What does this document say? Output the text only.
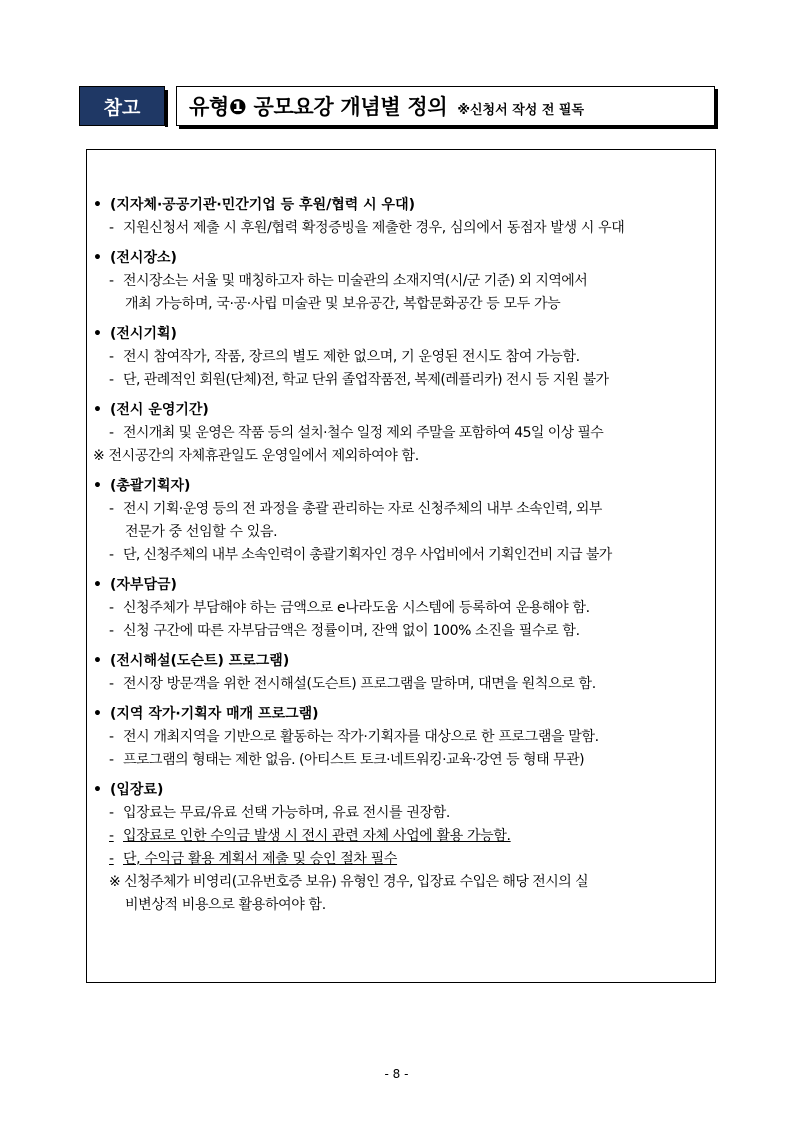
참고	유형❶ 공모요강 개념별 정의 ※신청서 작성 전 필독
• (지자체·공공기관·민간기업 등 후원/협력 시 우대)
- 지원신청서 제출 시 후원/협력 확정증빙을 제출한 경우, 심의에서 동점자 발생 시 우대
• (전시장소)
- 전시장소는 서울 및 매칭하고자 하는 미술관의 소재지역(시/군 기준) 외 지역에서
개최 가능하며, 국·공·사립 미술관 및 보유공간, 복합문화공간 등 모두 가능
• (전시기획)
- 전시 참여작가, 작품, 장르의 별도 제한 없으며, 기 운영된 전시도 참여 가능함.
- 단, 관례적인 회원(단체)전, 학교 단위 졸업작품전, 복제(레플리카) 전시 등 지원 불가
• (전시 운영기간)
- 전시개최 및 운영은 작품 등의 설치·철수 일정 제외 주말을 포함하여 45일 이상 필수
※ 전시공간의 자체휴관일도 운영일에서 제외하여야 함.
• (총괄기획자)
- 전시 기획·운영 등의 전 과정을 총괄 관리하는 자로 신청주체의 내부 소속인력, 외부
전문가 중 선임할 수 있음.
- 단, 신청주체의 내부 소속인력이 총괄기획자인 경우 사업비에서 기획인건비 지급 불가
• (자부담금)
- 신청주체가 부담해야 하는 금액으로 e나라도움 시스템에 등록하여 운용해야 함.
- 신청 구간에 따른 자부담금액은 정률이며, 잔액 없이 100% 소진을 필수로 함.
• (전시해설(도슨트) 프로그램)
- 전시장 방문객을 위한 전시해설(도슨트) 프로그램을 말하며, 대면을 원칙으로 함.
• (지역 작가·기획자 매개 프로그램)
- 전시 개최지역을 기반으로 활동하는 작가·기획자를 대상으로 한 프로그램을 말함.
- 프로그램의 형태는 제한 없음. (아티스트 토크·네트워킹·교육·강연 등 형태 무관)
• (입장료)
- 입장료는 무료/유료 선택 가능하며, 유료 전시를 권장함.
- 입장료로 인한 수익금 발생 시 전시 관련 자체 사업에 활용 가능함.
- 단, 수익금 활용 계획서 제출 및 승인 절차 필수
※ 신청주체가 비영리(고유번호증 보유) 유형인 경우, 입장료 수입은 해당 전시의 실
비변상적 비용으로 활용하여야 함.
- 8 -
